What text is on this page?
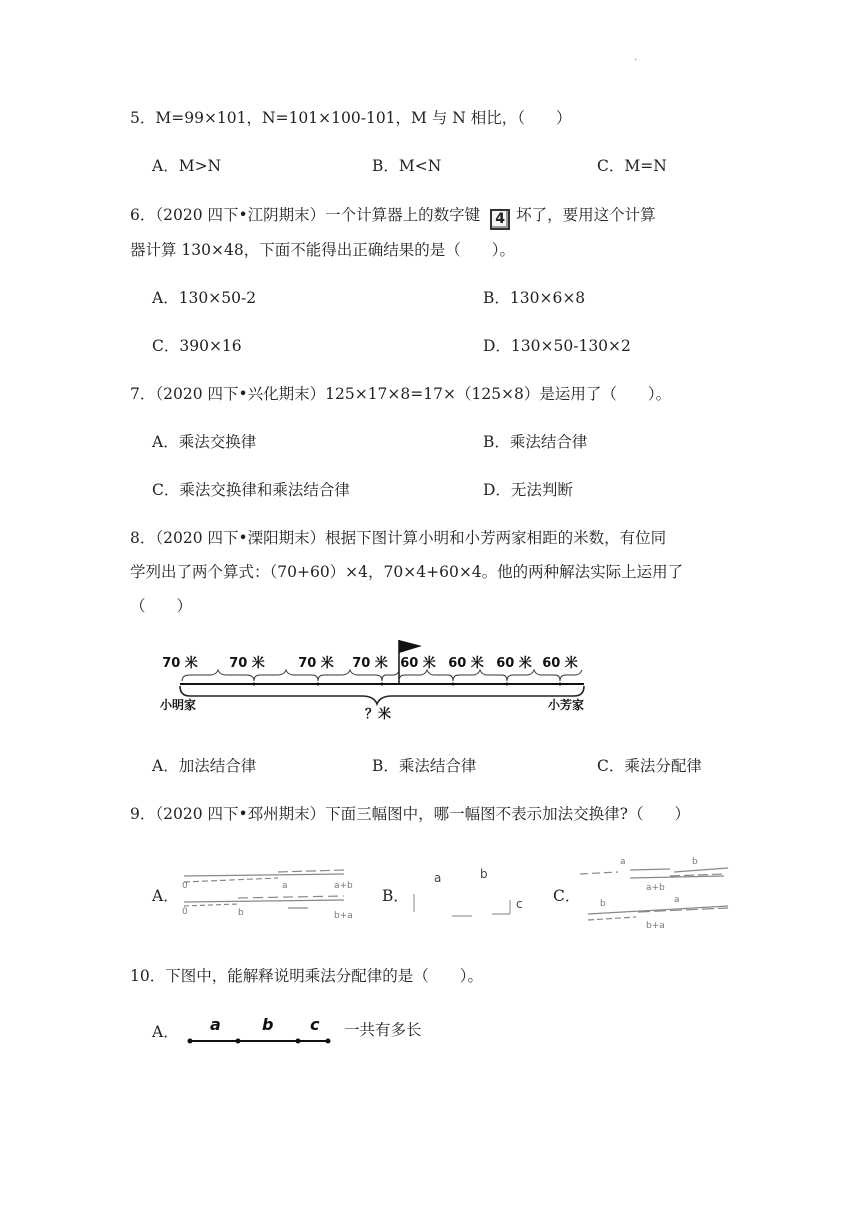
.
5．M=99×101，N=101×100-101，M 与 N 相比，（　　）
A．M>N	B．M<N	C．M=N
6．（2020 四下•江阴期末）一个计算器上的数字键 4 坏了，要用这个计算
器计算 130×48，下面不能得出正确结果的是（　　）。
A．130×50-2	B．130×6×8
C．390×16	D．130×50-130×2
7．（2020 四下•兴化期末）125×17×8=17×（125×8）是运用了（　　）。
A．乘法交换律	B．乘法结合律
C．乘法交换律和乘法结合律	D．无法判断
8．（2020 四下•溧阳期末）根据下图计算小明和小芳两家相距的米数，有位同
学列出了两个算式：（70+60）×4，70×4+60×4。他的两种解法实际上运用了
（　　）
70 米 70 米	70 米 70 米 60 米 60 米 60 米 60 米
小明家	小芳家
？米
A．加法结合律	B．乘法结合律	C．乘法分配律
9．（2020 四下•邳州期末）下面三幅图中，哪一幅图不表示加法交换律?（　　）
A．
0	a	a+b
0	b	b+a
B．
a	b
c C．
a	b
a+b
b	a
b+a
10．下图中，能解释说明乘法分配律的是（　　）。
A． a	b c 一共有多长
